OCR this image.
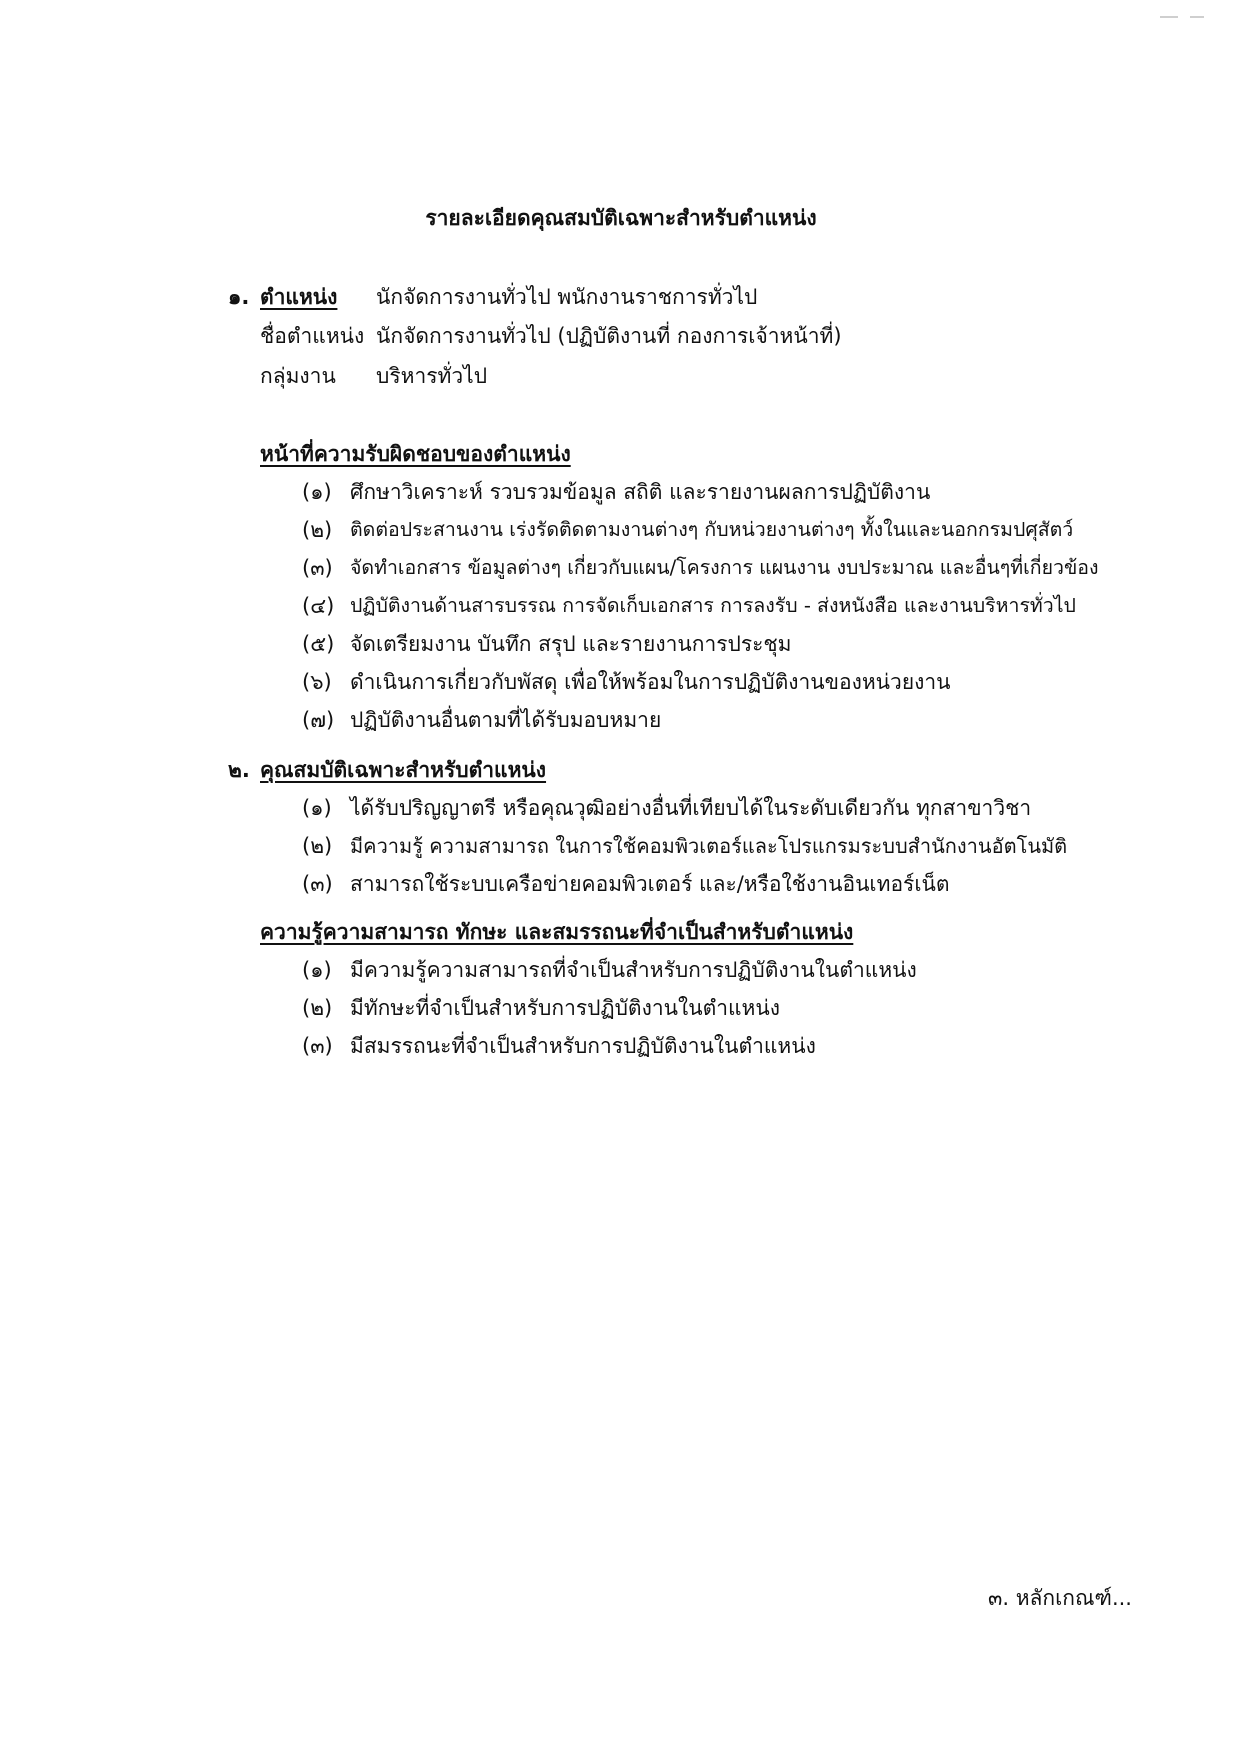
รายละเอียดคุณสมบัติเฉพาะสำหรับตำแหน่ง
๑. ตำแหน่ง นักจัดการงานทั่วไป พนักงานราชการทั่วไป
ชื่อตำแหน่ง นักจัดการงานทั่วไป (ปฏิบัติงานที่ กองการเจ้าหน้าที่)
กลุ่มงาน บริหารทั่วไป
หน้าที่ความรับผิดชอบของตำแหน่ง
(๑) ศึกษาวิเคราะห์ รวบรวมข้อมูล สถิติ และรายงานผลการปฏิบัติงาน
(๒) ติดต่อประสานงาน เร่งรัดติดตามงานต่างๆ กับหน่วยงานต่างๆ ทั้งในและนอกกรมปศุสัตว์
(๓) จัดทำเอกสาร ข้อมูลต่างๆ เกี่ยวกับแผน/โครงการ แผนงาน งบประมาณ และอื่นๆที่เกี่ยวข้อง
(๔) ปฏิบัติงานด้านสารบรรณ การจัดเก็บเอกสาร การลงรับ - ส่งหนังสือ และงานบริหารทั่วไป
(๕) จัดเตรียมงาน บันทึก สรุป และรายงานการประชุม
(๖) ดำเนินการเกี่ยวกับพัสดุ เพื่อให้พร้อมในการปฏิบัติงานของหน่วยงาน
(๗) ปฏิบัติงานอื่นตามที่ได้รับมอบหมาย
๒. คุณสมบัติเฉพาะสำหรับตำแหน่ง
(๑) ได้รับปริญญาตรี หรือคุณวุฒิอย่างอื่นที่เทียบได้ในระดับเดียวกัน ทุกสาขาวิชา
(๒) มีความรู้ ความสามารถ ในการใช้คอมพิวเตอร์และโปรแกรมระบบสำนักงานอัตโนมัติ
(๓) สามารถใช้ระบบเครือข่ายคอมพิวเตอร์ และ/หรือใช้งานอินเทอร์เน็ต
ความรู้ความสามารถ ทักษะ และสมรรถนะที่จำเป็นสำหรับตำแหน่ง
(๑) มีความรู้ความสามารถที่จำเป็นสำหรับการปฏิบัติงานในตำแหน่ง
(๒) มีทักษะที่จำเป็นสำหรับการปฏิบัติงานในตำแหน่ง
(๓) มีสมรรถนะที่จำเป็นสำหรับการปฏิบัติงานในตำแหน่ง
๓. หลักเกณฑ์...
